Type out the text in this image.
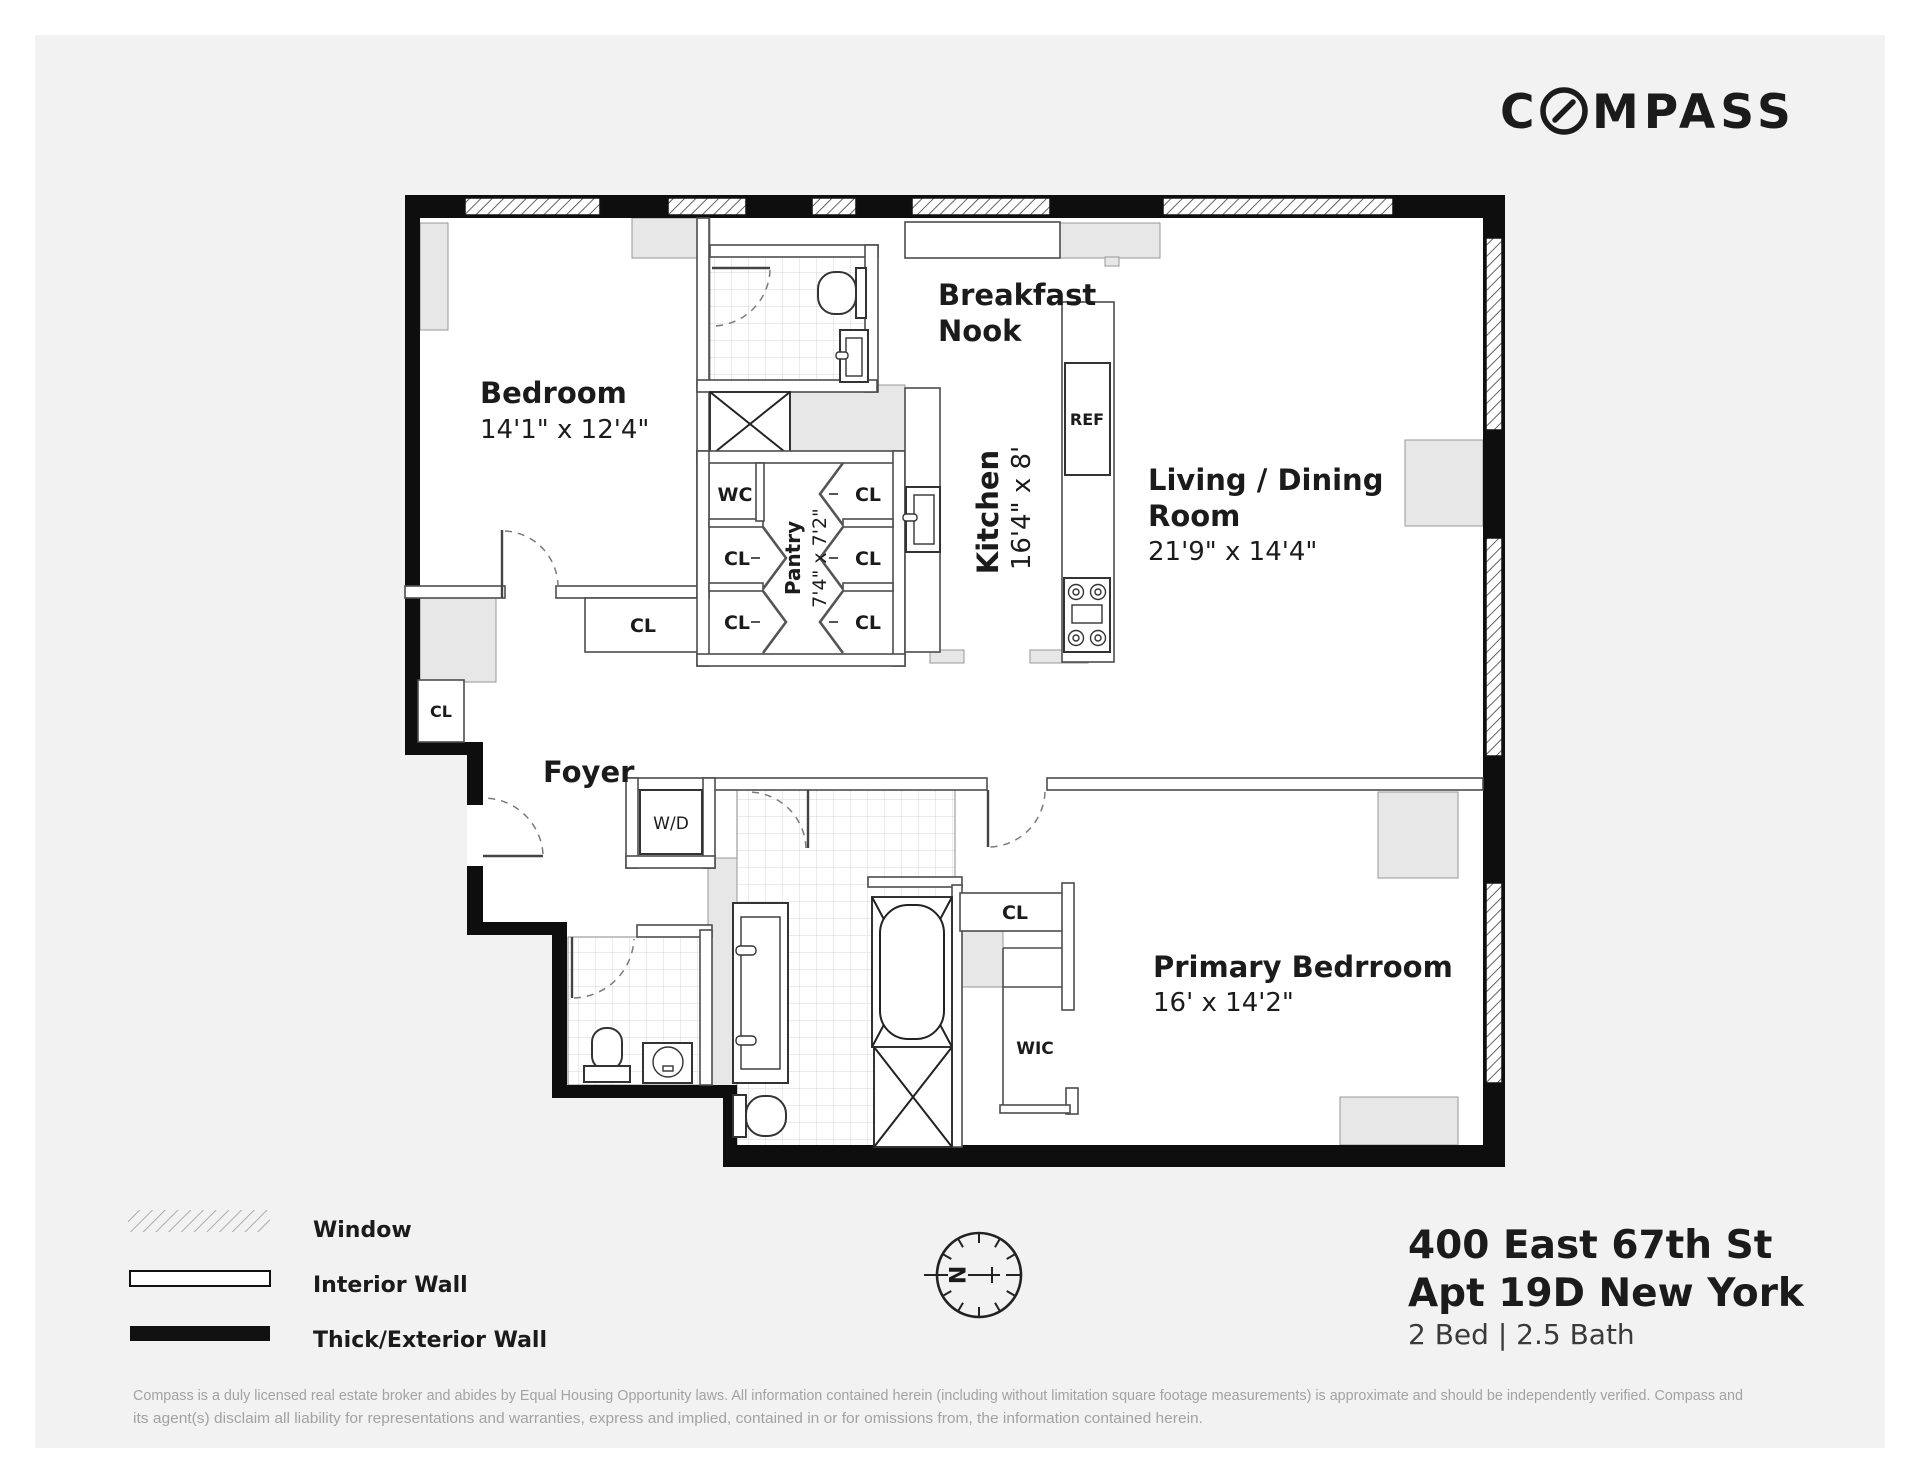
C MPASS
Bedroom
14'1" x 12'4"
Breakfast
Nook
Kitchen 16'4" x 8'	Living / Dining
Room
21'9" x 14'4"
Foyer
Primary Bedrroom
16' x 14'2"
Pantry 7'4" x 7'2"
WC
CL
CL
CL
CL
CL
CL
CL
CL
WIC
W/D
REF
Window
Interior Wall
Thick/Exterior Wall
N
400 East 67th St
Apt 19D New York
2 Bed | 2.5 Bath
Compass is a duly licensed real estate broker and abides by Equal Housing Opportunity laws. All information contained herein (including without limitation square footage measurements) is approximate and should be independently verified. Compass and
its agent(s) disclaim all liability for representations and warranties, express and implied, contained in or for omissions from, the information contained herein.
